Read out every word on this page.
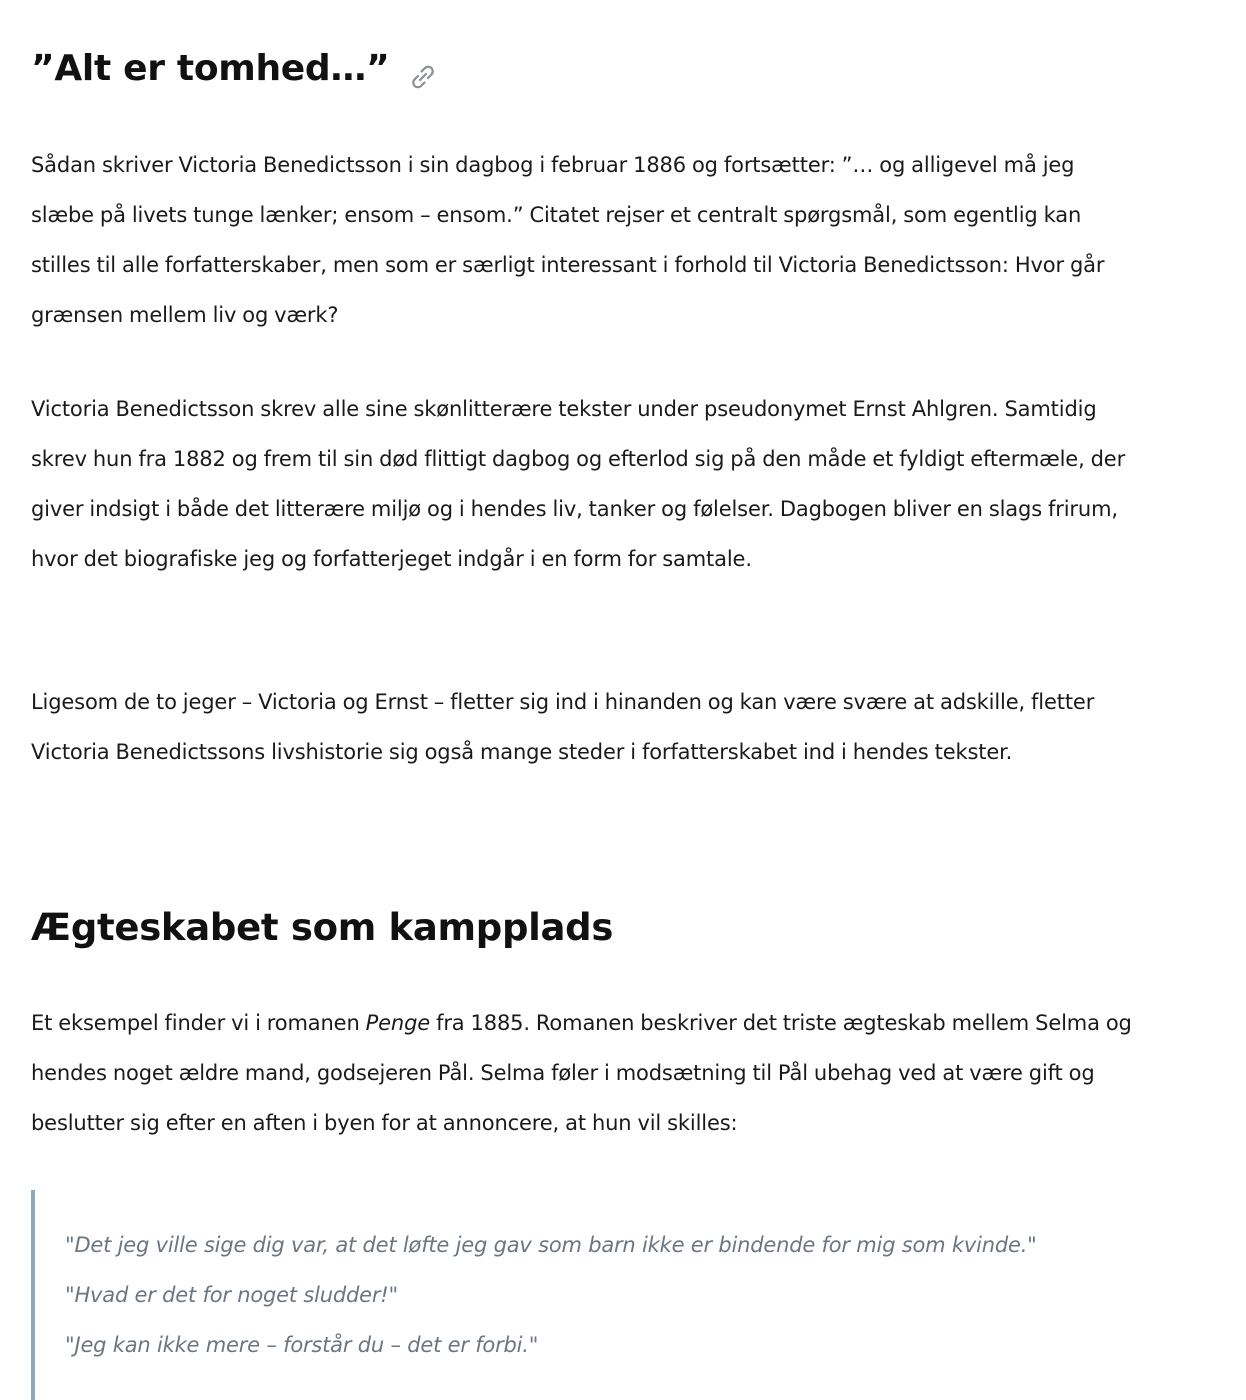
”Alt er tomhed…”

Sådan skriver Victoria Benedictsson i sin dagbog i februar 1886 og fortsætter: ”… og alligevel må jeg slæbe på livets tunge lænker; ensom – ensom.” Citatet rejser et centralt spørgsmål, som egentlig kan stilles til alle forfatterskaber, men som er særligt interessant i forhold til Victoria Benedictsson: Hvor går grænsen mellem liv og værk?

Victoria Benedictsson skrev alle sine skønlitterære tekster under pseudonymet Ernst Ahlgren. Samtidig skrev hun fra 1882 og frem til sin død flittigt dagbog og efterlod sig på den måde et fyldigt eftermæle, der giver indsigt i både det litterære miljø og i hendes liv, tanker og følelser. Dagbogen bliver en slags frirum, hvor det biografiske jeg og forfatterjeget indgår i en form for samtale.

Ligesom de to jeger – Victoria og Ernst – fletter sig ind i hinanden og kan være svære at adskille, fletter Victoria Benedictssons livshistorie sig også mange steder i forfatterskabet ind i hendes tekster.

Ægteskabet som kampplads

Et eksempel finder vi i romanen Penge fra 1885. Romanen beskriver det triste ægteskab mellem Selma og hendes noget ældre mand, godsejeren Pål. Selma føler i modsætning til Pål ubehag ved at være gift og beslutter sig efter en aften i byen for at annoncere, at hun vil skilles:

"Det jeg ville sige dig var, at det løfte jeg gav som barn ikke er bindende for mig som kvinde."
"Hvad er det for noget sludder!"
"Jeg kan ikke mere – forstår du – det er forbi."
